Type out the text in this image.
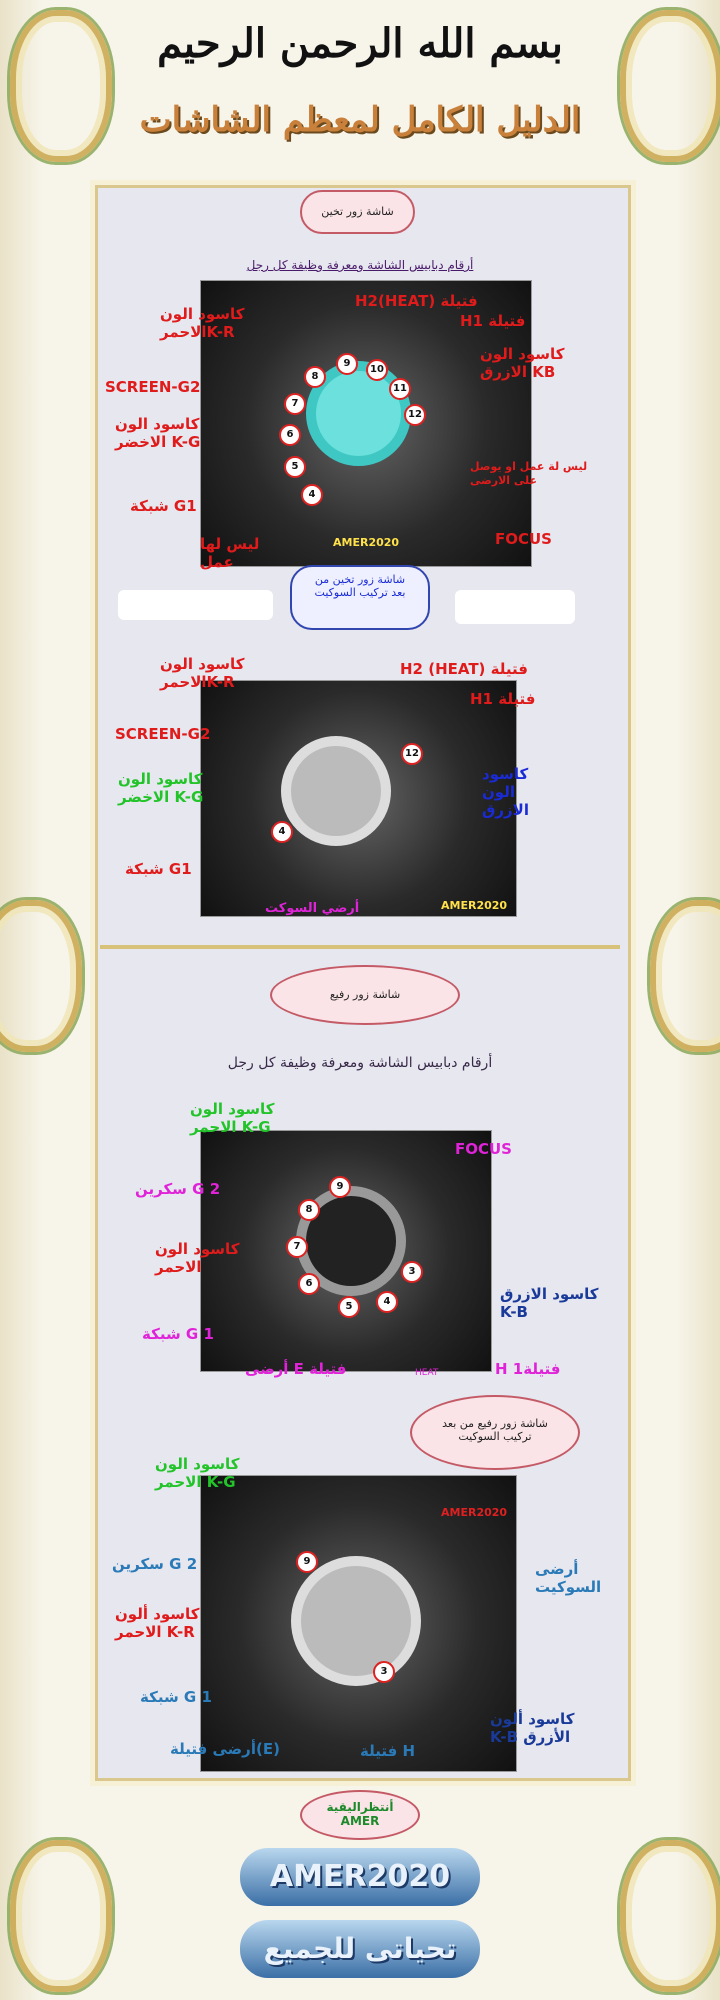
بسم الله الرحمن الرحيم
الدليل الكامل لمعظم الشاشات
شاشة زور تخين
أرقام دبابيس الشاشة ومعرفة وظيفة كل رجل
4
5
6
7
8
9
10
11
12
AMER2020
كاسود الون
الاحمرK-R
H2(HEAT) فتيلة
H1 فتيلة
كاسود الون
الازرق KB
SCREEN-G2
كاسود الون
الاخضر K-G
شبكة G1
ليس لها
عمل
ليس لة عمل او يوصل
على الارضى
FOCUS
شاشة زور تخين من
بعد تركيب السوكيت
4
12
AMER2020
كاسود الون
الاحمرK-R
H2 (HEAT) فتيلة
H1 فتيلة
SCREEN-G2
كاسود الون
الاخضر K-G
كاسود
الون
الازرق
شبكة G1
أرضي السوكت
شاشة زور رفيع
أرقام دبابيس الشاشة ومعرفة وظيفة كل رجل
9
8
7
6
5	4
3
كاسود الون
الاحمر K-G
FOCUS
سكرين G 2
كاسود الون
الاحمر
كاسود الازرق
K-B
شبكة G 1
أرضى E فتيلة	HEAT	H 1فتيلة
شاشة زور رفيع من بعد
تركيب السوكيت
9
3
AMER2020
كاسود الون
الاحمر K-G
سكرين G 2
كاسود ألون
الاحمر K-R
شبكة G 1
أرضى فتيلة(E)	فتيلة H
أرضى
السوكيت
كاسود ألون
K-B الأزرق
أنتظراليقية
AMER
AMER2020
تحياتى للجميع
